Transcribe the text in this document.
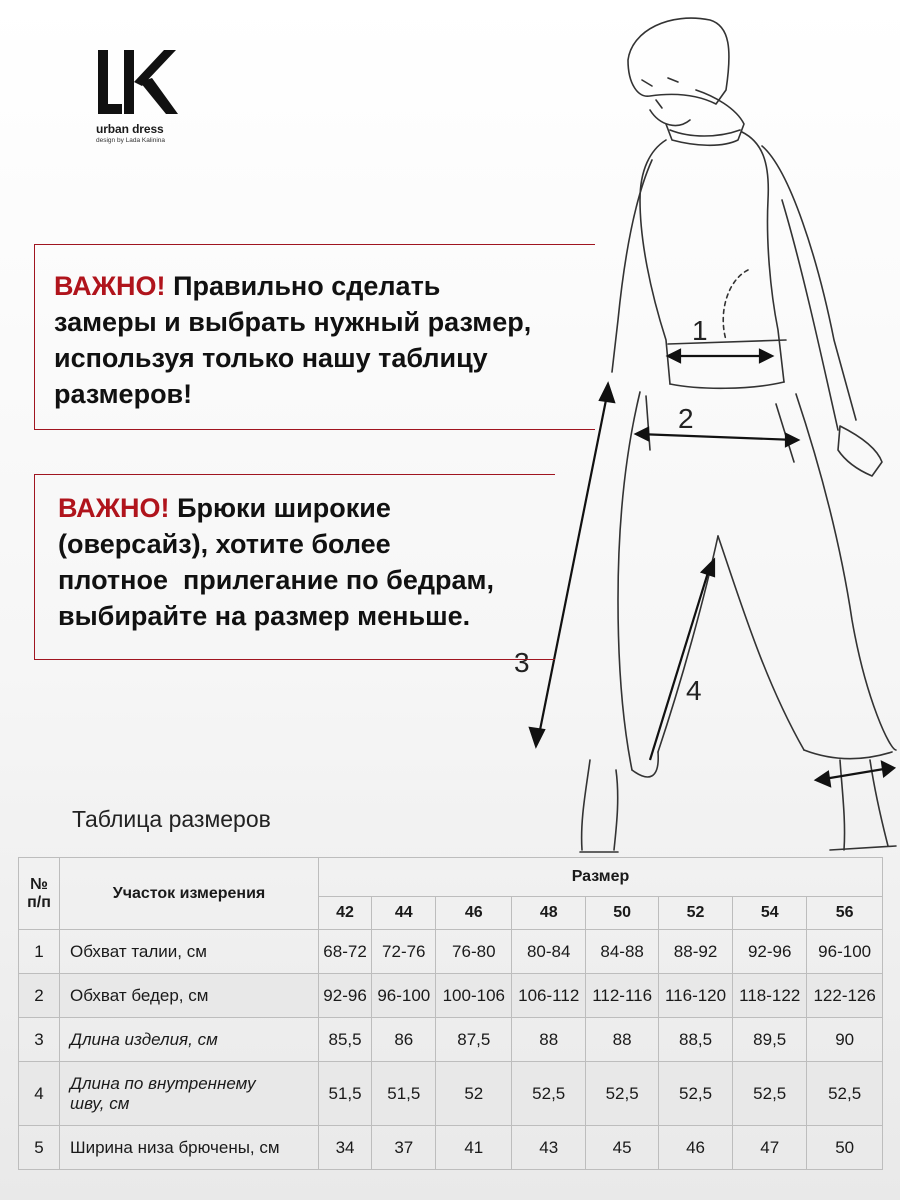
urban dress
design by Lada Kalinina
1
2
3
4
ВАЖНО! Правильно сделать
замеры и выбрать нужный размер,
используя только нашу таблицу
размеров!
ВАЖНО! Брюки широкие
(оверсайз), хотите более
плотное  прилегание по бедрам,
выбирайте на размер меньше.
Таблица размеров
№
п/п	Участок измерения	Размер							
		42	44	46	48	50	52	54	56
1	Обхват талии, см	68-72	72-76	76-80	80-84	84-88	88-92	92-96	96-100
2	Обхват бедер, см	92-96	96-100	100-106	106-112	112-116	116-120	118-122	122-126
3	Длина изделия, см	85,5	86	87,5	88	88	88,5	89,5	90
4	Длина по внутреннему
шву, см	51,5	51,5	52	52,5	52,5	52,5	52,5	52,5
5	Ширина низа брючены, см	34	37	41	43	45	46	47	50
